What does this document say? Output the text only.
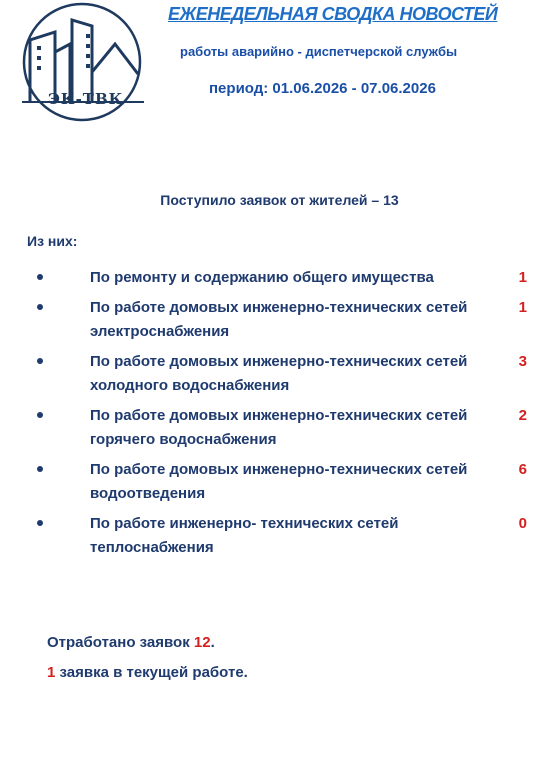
ЭК-ТВК
ЕЖЕНЕДЕЛЬНАЯ СВОДКА НОВОСТЕЙ
работы аварийно - диспетчерской службы
период: 01.06.2026 - 07.06.2026
Поступило заявок от жителей – 13
Из них:
По ремонту и содержанию общего имущества	1
По работе домовых инженерно-технических сетей электроснабжения
1
По работе домовых инженерно-технических сетей холодного водоснабжения
3
По работе домовых инженерно-технических сетей горячего водоснабжения
2
По работе домовых инженерно-технических сетей водоотведения
6
По работе инженерно- технических сетей теплоснабжения
0
Отработано заявок 12.
1 заявка в текущей работе.
